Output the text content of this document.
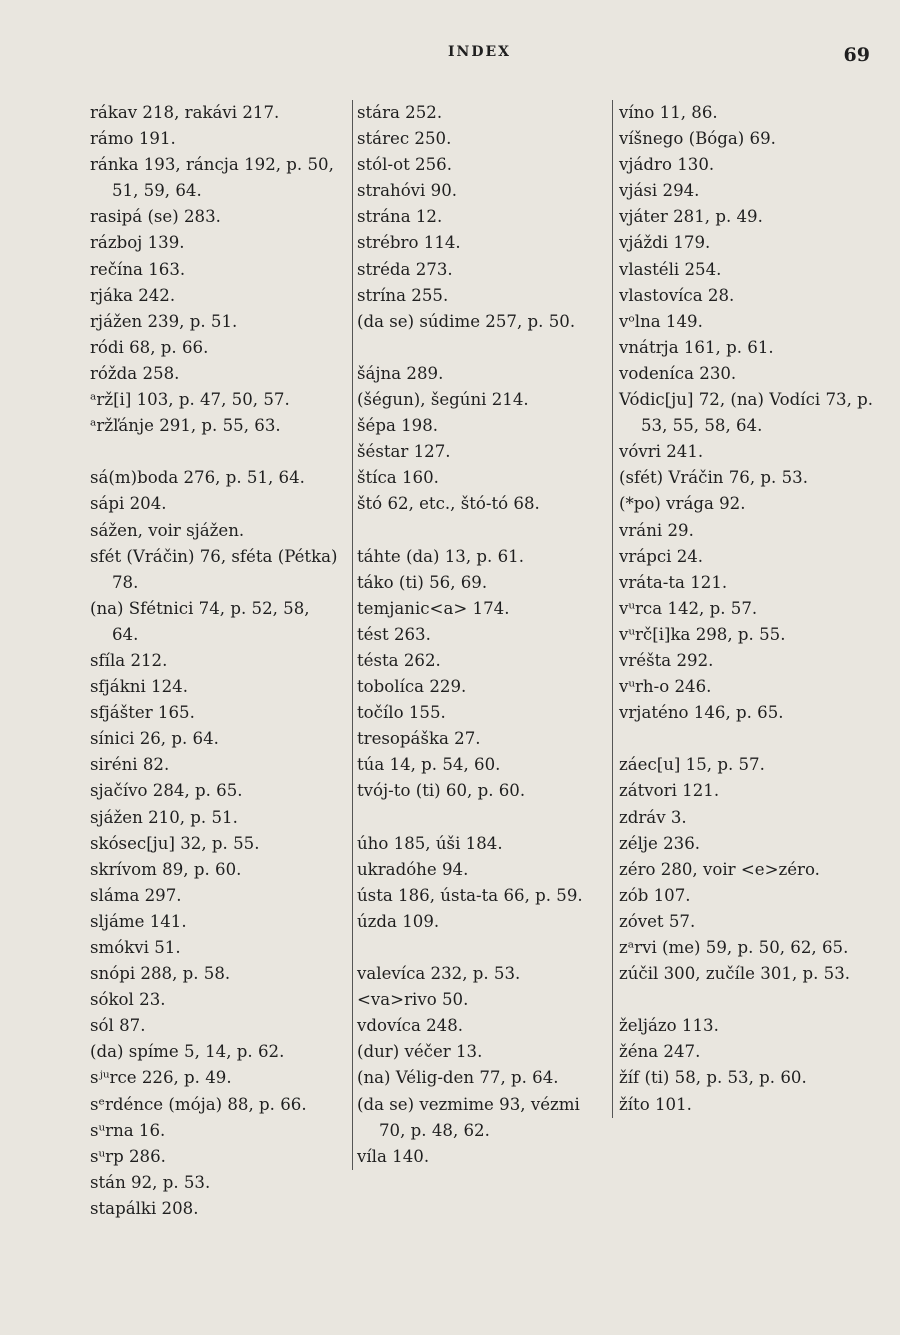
INDEX	69
rákav 218, rakávi 217.
rámo 191.
ránka 193, ráncja 192, p. 50, 51, 59, 64.
rasipá (se) 283.
rázboj 139.
rečína 163.
rjáka 242.
rjážen 239, p. 51.
ródi 68, p. 66.
róžda 258.
ᵃrž[i] 103, p. 47, 50, 57.
ᵃržľánje 291, p. 55, 63.
sá(m)boda 276, p. 51, 64.
sápi 204.
sážen, voir sjážen.
sfét (Vráčin) 76, sféta (Pétka) 78.
(na) Sfétnici 74, p. 52, 58, 64.
sfíla 212.
sfjákni 124.
sfjášter 165.
sínici 26, p. 64.
siréni 82.
sjačívo 284, p. 65.
sjážen 210, p. 51.
skósec[ju] 32, p. 55.
skrívom 89, p. 60.
sláma 297.
sljáme 141.
smókvi 51.
snópi 288, p. 58.
sókol 23.
sól 87.
(da) spíme 5, 14, p. 62.
sʲᵘrce 226, p. 49.
sᵉrdénce (mója) 88, p. 66.
sᵘrna 16.
sᵘrp 286.
stán 92, p. 53.
stapálki 208.
stára 252.
stárec 250.
stól-ot 256.
strahóvi 90.
strána 12.
strébro 114.
stréda 273.
strína 255.
(da se) súdime 257, p. 50.
šájna 289.
(šégun), šegúni 214.
šépa 198.
šéstar 127.
štíca 160.
štó 62, etc., štó-tó 68.
táhte (da) 13, p. 61.
táko (ti) 56, 69.
temjanic<a> 174.
tést 263.
tésta 262.
tobolíca 229.
točílo 155.
tresopáška 27.
túa 14, p. 54, 60.
tvój-to (ti) 60, p. 60.
úho 185, úši 184.
ukradóhe 94.
ústa 186, ústa-ta 66, p. 59.
úzda 109.
valevíca 232, p. 53.
<va>rivo 50.
vdovíca 248.
(dur) véčer 13.
(na) Vélig-den 77, p. 64.
(da se) vezmime 93, vézmi 70, p. 48, 62.
víla 140.
víno 11, 86.
víšnego (Bóga) 69.
vjádro 130.
vjási 294.
vjáter 281, p. 49.
vjáždi 179.
vlastéli 254.
vlastovíca 28.
vᵒlna 149.
vnátrja 161, p. 61.
vodeníca 230.
Vódic[ju] 72, (na) Vodíci 73, p. 53, 55, 58, 64.
vóvri 241.
(sfét) Vráčin 76, p. 53.
(*po) vrága 92.
vráni 29.
vrápci 24.
vráta-ta 121.
vᵘrca 142, p. 57.
vᵘrč[i]ka 298, p. 55.
vréšta 292.
vᵘrh-o 246.
vrjaténo 146, p. 65.
záec[u] 15, p. 57.
zátvori 121.
zdráv 3.
zélje 236.
zéro 280, voir <e>zéro.
zób 107.
zóvet 57.
zᵃrvi (me) 59, p. 50, 62, 65.
zúčil 300, zučíle 301, p. 53.
željázo 113.
žéna 247.
žíf (ti) 58, p. 53, p. 60.
žíto 101.
